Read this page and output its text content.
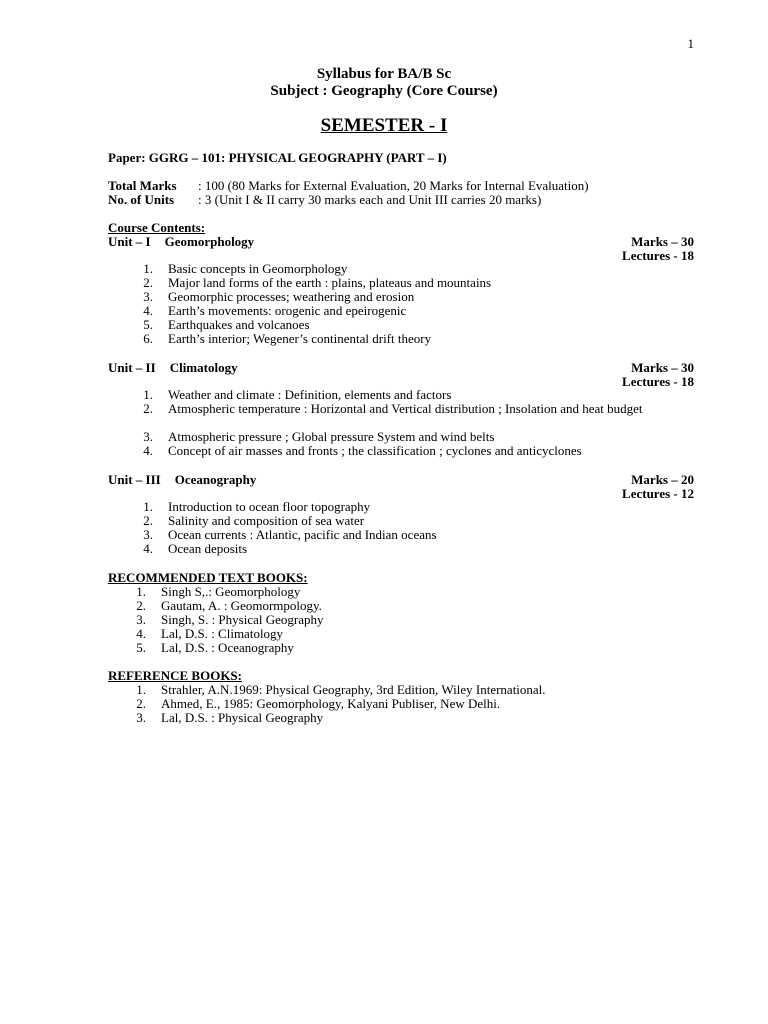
1
Syllabus for BA/B Sc
Subject : Geography (Core Course)
SEMESTER - I
Paper: GGRG – 101: PHYSICAL GEOGRAPHY (PART – I)
Total Marks : 100 (80 Marks for External Evaluation, 20 Marks for Internal Evaluation)
No. of Units : 3 (Unit I & II carry 30 marks each and Unit III carries 20 marks)
Course Contents:
Unit – I Geomorphology	Marks – 30
Lectures - 18
1. Basic concepts in Geomorphology
2. Major land forms of the earth : plains, plateaus and mountains
3. Geomorphic processes; weathering and erosion
4. Earth’s movements: orogenic and epeirogenic
5. Earthquakes and volcanoes
6. Earth’s interior; Wegener’s continental drift theory
Unit – II Climatology	Marks – 30
Lectures - 18
1. Weather and climate : Definition, elements and factors
2. Atmospheric temperature : Horizontal and Vertical distribution ; Insolation and heat budget
3. Atmospheric pressure ; Global pressure System and wind belts
4. Concept of air masses and fronts ; the classification ; cyclones and anticyclones
Unit – III Oceanography	Marks – 20
Lectures - 12
1. Introduction to ocean floor topography
2. Salinity and composition of sea water
3. Ocean currents : Atlantic, pacific and Indian oceans
4. Ocean deposits
RECOMMENDED TEXT BOOKS:
1. Singh S,.: Geomorphology
2. Gautam, A. : Geomormpology.
3. Singh, S. : Physical Geography
4. Lal, D.S. : Climatology
5. Lal, D.S. : Oceanography
REFERENCE BOOKS:
1. Strahler, A.N.1969: Physical Geography, 3rd Edition, Wiley International.
2. Ahmed, E., 1985: Geomorphology, Kalyani Publiser, New Delhi.
3. Lal, D.S. : Physical Geography
